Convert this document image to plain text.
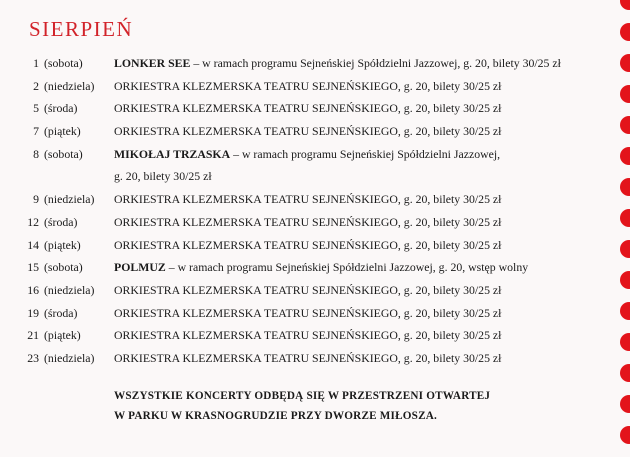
SIERPIEŃ
1 (sobota)	LONKER SEE – w ramach programu Sejneńskiej Spółdzielni Jazzowej, g. 20, bilety 30/25 zł
2 (niedziela) ORKIESTRA KLEZMERSKA TEATRU SEJNEŃSKIEGO, g. 20, bilety 30/25 zł
5 (środa)	ORKIESTRA KLEZMERSKA TEATRU SEJNEŃSKIEGO, g. 20, bilety 30/25 zł
7 (piątek)	ORKIESTRA KLEZMERSKA TEATRU SEJNEŃSKIEGO, g. 20, bilety 30/25 zł
8 (sobota)	MIKOŁAJ TRZASKA – w ramach programu Sejneńskiej Spółdzielni Jazzowej,
g. 20, bilety 30/25 zł
9 (niedziela) ORKIESTRA KLEZMERSKA TEATRU SEJNEŃSKIEGO, g. 20, bilety 30/25 zł
12 (środa)	ORKIESTRA KLEZMERSKA TEATRU SEJNEŃSKIEGO, g. 20, bilety 30/25 zł
14 (piątek)	ORKIESTRA KLEZMERSKA TEATRU SEJNEŃSKIEGO, g. 20, bilety 30/25 zł
15 (sobota)	POLMUZ – w ramach programu Sejneńskiej Spółdzielni Jazzowej, g. 20, wstęp wolny
16 (niedziela) ORKIESTRA KLEZMERSKA TEATRU SEJNEŃSKIEGO, g. 20, bilety 30/25 zł
19 (środa)	ORKIESTRA KLEZMERSKA TEATRU SEJNEŃSKIEGO, g. 20, bilety 30/25 zł
21 (piątek)	ORKIESTRA KLEZMERSKA TEATRU SEJNEŃSKIEGO, g. 20, bilety 30/25 zł
23 (niedziela) ORKIESTRA KLEZMERSKA TEATRU SEJNEŃSKIEGO, g. 20, bilety 30/25 zł
WSZYSTKIE KONCERTY ODBĘDĄ SIĘ W PRZESTRZENI OTWARTEJ
W PARKU W KRASNOGRUDZIE PRZY DWORZE MIŁOSZA.
